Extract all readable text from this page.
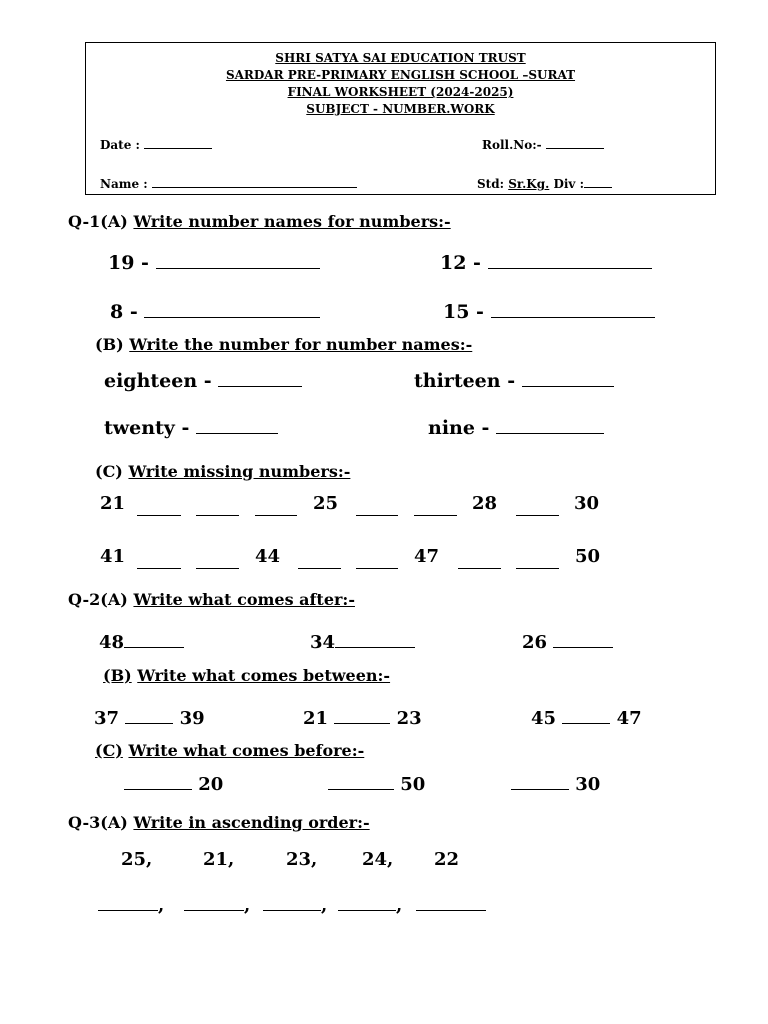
SHRI SATYA SAI EDUCATION TRUST
SARDAR PRE-PRIMARY ENGLISH SCHOOL –SURAT
FINAL WORKSHEET (2024-2025)
SUBJECT - NUMBER.WORK
Date :	Roll.No:-
Name :	Std: Sr.Kg. Div :
Q-1(A) Write number names for numbers:-
19 -	12 -
8 -	15 -
(B) Write the number for number names:-
eighteen -	thirteen -
twenty -	nine -
(C) Write missing numbers:-
21	25	28	30
41	44	47	50
Q-2(A) Write what comes after:-
48	34	26
(B) Write what comes between:-
37	39	21	23	45	47
(C) Write what comes before:-
20	50	30
Q-3(A) Write in ascending order:-
25,	21,	23, 24, 22
,	,	,	,
